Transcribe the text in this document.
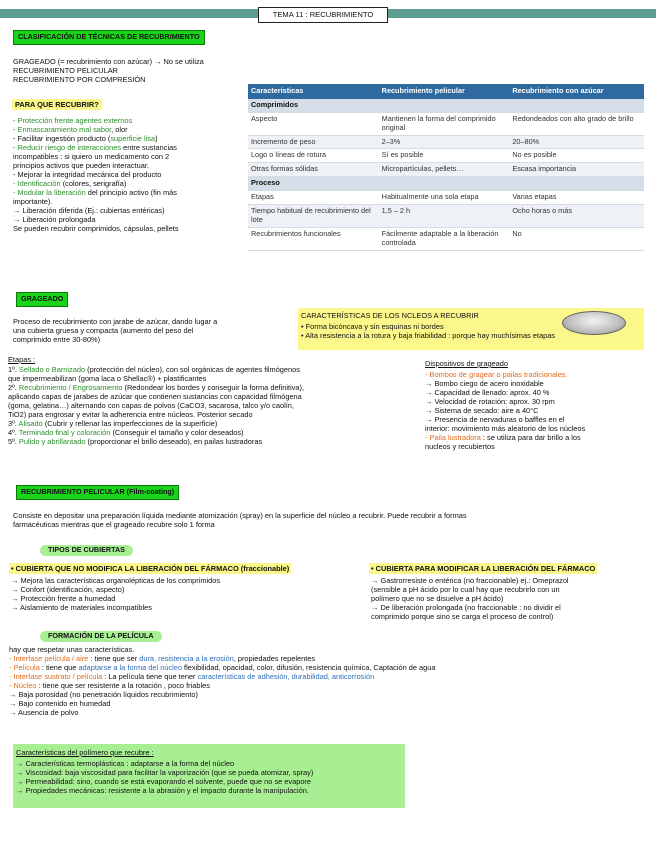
TEMA 11 : RECUBRIMIENTO
CLASIFICACIÓN DE TÉCNICAS DE RECUBRIMIENTO
GRAGEADO (= recubrimiento con azúcar) → No se utiliza
RECUBRIMIENTO PELICULAR
RECUBRIMIENTO POR COMPRESIÓN
PARA QUE RECUBRIR?
- Protección frente agentes externos
- Enmascaramiento mal sabor, olor
- Facilitar ingestión producto (superficie lisa)
- Reducir riesgo de interacciones entre sustancias
incompatibles : si quiero un medicamento con 2
principios activos que pueden interactuar.
- Mejorar la integridad mecánica del producto
- Identificación (colores, serigrafía)
- Modular la liberación del principio activo (fin más
importante).
→ Liberación diferida (Ej.: cubiertas entéricas)
→ Liberación prolongada
Se pueden recubrir comprimidos, cápsulas, pellets
Características	Recubrimiento pelicular	Recubrimiento con azúcar
Comprimidos		
Aspecto	Mantienen la forma del comprimido original	Redondeados con alto grado de brillo
Incremento de peso	2–3%	20–80%
Logo o líneas de rotura	Sí es posible	No es posible
Otras formas sólidas	Micropartículas, pellets…	Escasa importancia
Proceso		
Etapas	Habitualmente una sola etapa	Varias etapas
Tiempo habitual de recubrimiento del lote	1,5 – 2 h	Ocho horas o más
Recubrimientos funcionales	Fácilmente adaptable a la liberación controlada	No
GRAGEADO
Proceso de recubrimiento con jarabe de azúcar, dando lugar a
una cubierta gruesa y compacta (aumento del peso del
comprimido entre 30-80%)
CARACTERÍSTICAS DE LOS NCLEOS A RECUBRIR
• Forma bicóncava y sin esquinas ni bordes
• Alta resistencia a la rotura y baja friabilidad : porque hay muchísimas etapas
Etapas :
1º. Sellado o Barnizado (protección del núcleo), con sol orgánicas de agentes filmógenos
que impermeabilizan (goma laca o Shellac®) + plastificantes
2º. Recubrimiento / Engrosamiento (Redondear los bordes y conseguir la forma definitiva),
aplicando capas de jarabes de azúcar que contienen sustancias con capacidad filmógena
(goma, gelatina…) alternando con capas de polvos (CaCO3, sacarosa, talco y/o caolín,
TiO2) para engrosar y evitar la adherencia entre núcleos. Posterior secado
3º. Alisado (Cubrir y rellenar las imperfecciones de la superficie)
4º. Terminado final y coloración (Conseguir el tamaño y color deseados)
5º. Pulido y abrillantado (proporcionar el brillo deseado), en pailas lustradoras
Dispositivos de grageado
- Bombos de gragear o pailas tradicionales.
→ Bombo ciego de acero inoxidable
→ Capacidad de llenado: aprox. 40 %
→ Velocidad de rotación: aprox. 30 rpm
→ Sistema de secado: aire a 40°C
→ Presencia de nervaduras o baffles en el
interior: movimiento más aleatorio de los núcleos
- Paila lustradora : se utiliza para dar brillo a los
nucleos y recubiertos
RECUBRIMIENTO PELICULAR (Film-coating)
Consiste en depositar una preparación líquida mediante atomización (spray) en la superficie del núcleo a recubrir. Puede recubrir a formas
farmacéuticas mientras que el grageado recubre solo 1 forma
TIPOS DE CUBIERTAS
• CUBIERTA QUE NO MODIFICA LA LIBERACIÓN DEL FÁRMACO (fraccionable)
→ Mejora las características organolépticas de los comprimidos
→ Confort (identificación, aspecto)
→ Protección frente a humedad
→ Aislamiento de materiales incompatibles
• CUBIERTA PARA MODIFICAR LA LIBERACIÓN DEL FÁRMACO
→ Gastrorresiste o entérica (no fraccionable) ej.: Omeprazol
(sensible a pH ácido por lo cual hay que recubrirlo con un
polímero que no se disuelve a pH ácido)
→ De liberación prolongada (no fraccionable : no dividir el
comprimido porque sino se carga el proceso de control)
FORMACIÓN DE LA PELÍCULA
hay que respetar unas características.
- Interfase película / aire : tiene que ser dura, resistencia a la erosión, propiedades repelentes
- Película : tiene que adaptarse a la forma del núcleo flexibilidad, opacidad, color, difusión, resistencia química, Captación de agua
- Interfase sustrato / película : La película tiene que tener características de adhesión, durabilidad, anticorrosión
- Núcleo : tiene que ser resistente a la rotación , poco friables
→ Baja porosidad (no penetración líquidos recubrimiento)
→ Bajo contenido en humedad
→ Ausencia de polvo
Características del polímero que recubre :
→ Características termoplásticas : adaptarse a la forma del núcleo
→ Viscosidad: baja viscosidad para facilitar la vaporización (que se pueda atomizar, spray)
→ Permeabilidad: sino, cuando se está evaporando el solvente, puede que no se evapore
→ Propiedades mecánicas: resistente a la abrasión y el impacto durante la manipulación.
